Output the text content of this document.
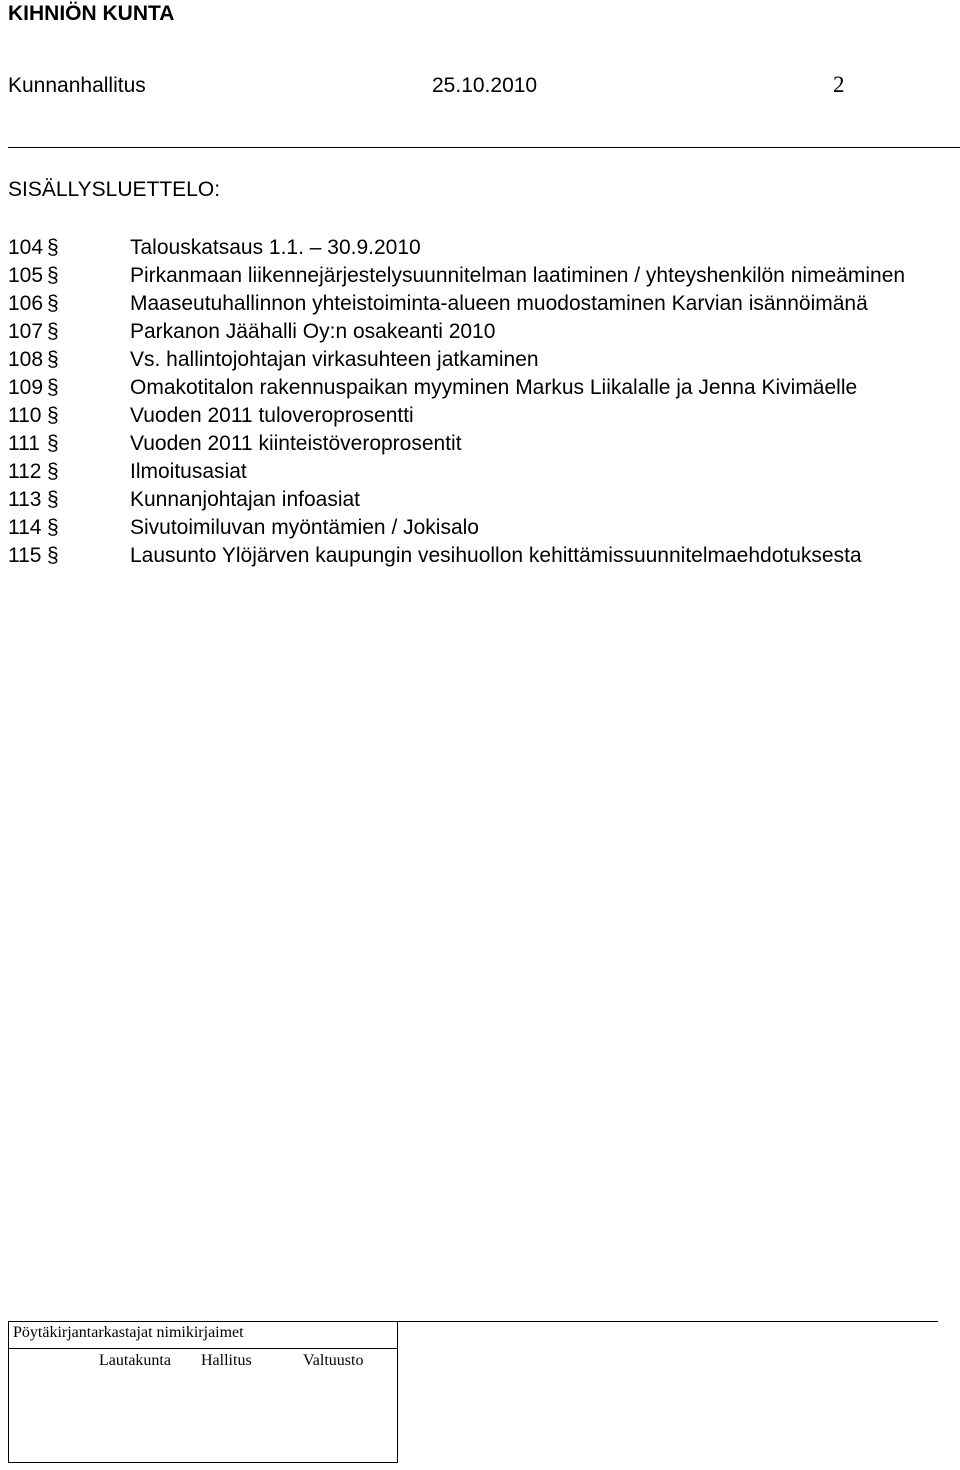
KIHNIÖN KUNTA
Kunnanhallitus	25.10.2010	2
SISÄLLYSLUETTELO:
104 §	Talouskatsaus 1.1. – 30.9.2010
105 §	Pirkanmaan liikennejärjestelysuunnitelman laatiminen / yhteyshenkilön nimeäminen
106 §	Maaseutuhallinnon yhteistoiminta-alueen muodostaminen Karvian isännöimänä
107 §	Parkanon Jäähalli Oy:n osakeanti 2010
108 §	Vs. hallintojohtajan virkasuhteen jatkaminen
109 §	Omakotitalon rakennuspaikan myyminen Markus Liikalalle ja Jenna Kivimäelle
110 §	Vuoden 2011 tuloveroprosentti
111 §	Vuoden 2011 kiinteistöveroprosentit
112 §	Ilmoitusasiat
113 §	Kunnanjohtajan infoasiat
114 §	Sivutoimiluvan myöntämien / Jokisalo
115 §	Lausunto Ylöjärven kaupungin vesihuollon kehittämissuunnitelmaehdotuksesta
Pöytäkirjantarkastajat nimikirjaimet
Lautakunta Hallitus	Valtuusto
